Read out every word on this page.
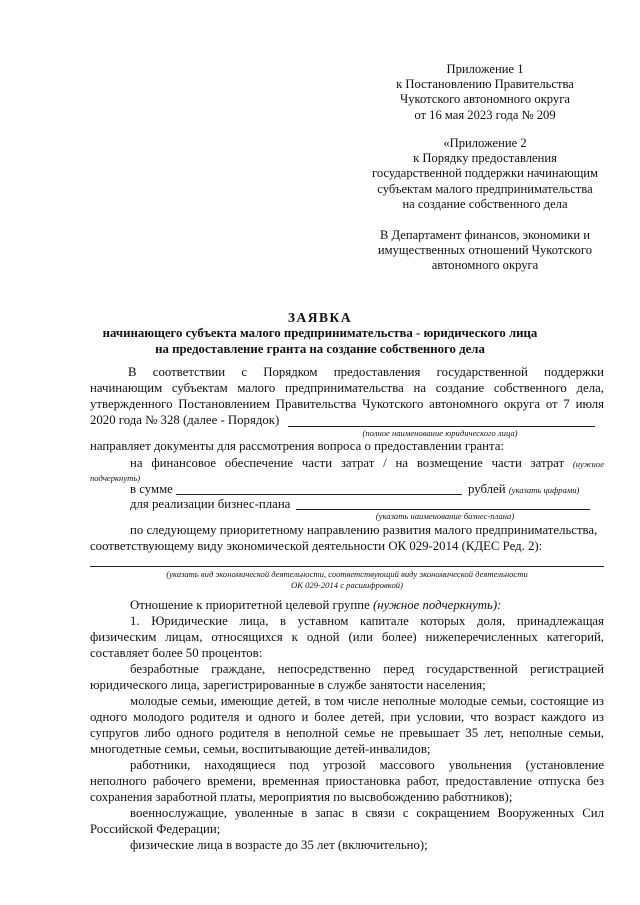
Приложение 1
к Постановлению Правительства
Чукотского автономного округа
от 16 мая 2023 года № 209
«Приложение 2
к Порядку предоставления
государственной поддержки начинающим
субъектам малого предпринимательства
на создание собственного дела
В Департамент финансов, экономики и
имущественных отношений Чукотского
автономного округа
ЗАЯВКА
начинающего субъекта малого предпринимательства - юридического лица
на предоставление гранта на создание собственного дела
В соответствии с Порядком предоставления государственной поддержки
начинающим субъектам малого предпринимательства на создание собственного дела,
утвержденного Постановлением Правительства Чукотского автономного округа от 7 июля
2020 года № 328 (далее - Порядок)
(полное наименование юридического лица)
направляет документы для рассмотрения вопроса о предоставлении гранта:
на финансовое обеспечение части затрат / на возмещение части затрат (нужное
подчеркнуть)
в сумме	рублей (указать цифрами)
для реализации бизнес-плана
(указать наименование бизнес-плана)
по следующему приоритетному направлению развития малого предпринимательства,
соответствующему виду экономической деятельности ОК 029-2014 (КДЕС Ред. 2):
(указать вид экономической деятельности, соответствующий виду экономической деятельности
ОК 029-2014 с расшифровкой)
Отношение к приоритетной целевой группе (нужное подчеркнуть):
1. Юридические лица, в уставном капитале которых доля, принадлежащая
физическим лицам, относящихся к одной (или более) нижеперечисленных категорий,
составляет более 50 процентов:
безработные граждане, непосредственно перед государственной регистрацией
юридического лица, зарегистрированные в службе занятости населения;
молодые семьи, имеющие детей, в том числе неполные молодые семьи, состоящие из
одного молодого родителя и одного и более детей, при условии, что возраст каждого из
супругов либо одного родителя в неполной семье не превышает 35 лет, неполные семьи,
многодетные семьи, семьи, воспитывающие детей-инвалидов;
работники, находящиеся под угрозой массового увольнения (установление
неполного рабочего времени, временная приостановка работ, предоставление отпуска без
сохранения заработной платы, мероприятия по высвобождению работников);
военнослужащие, уволенные в запас в связи с сокращением Вооруженных Сил
Российской Федерации;
физические лица в возрасте до 35 лет (включительно);
